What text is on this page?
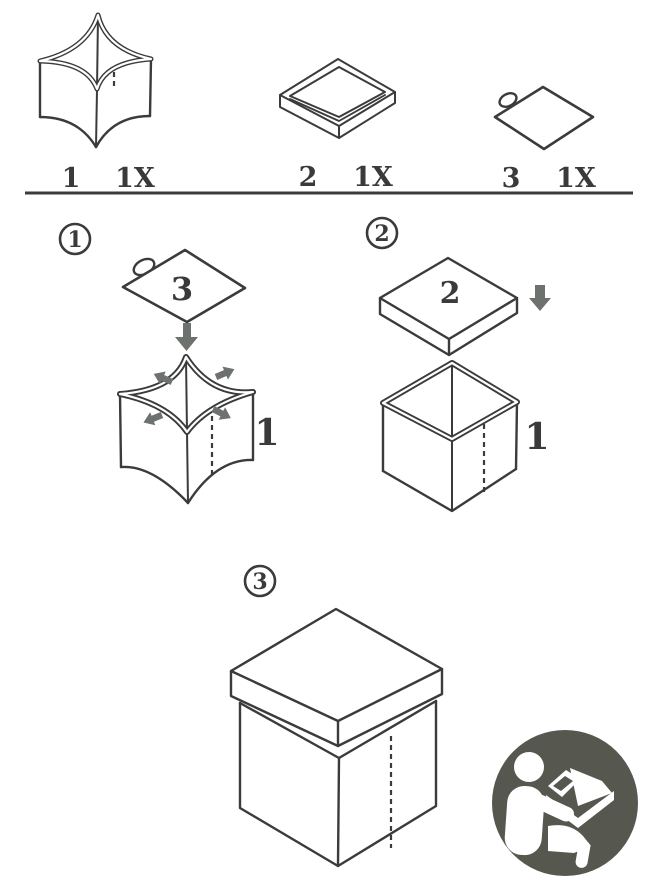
1 1X	2 1X	3 1X
1
3
1
2
2
1
3
